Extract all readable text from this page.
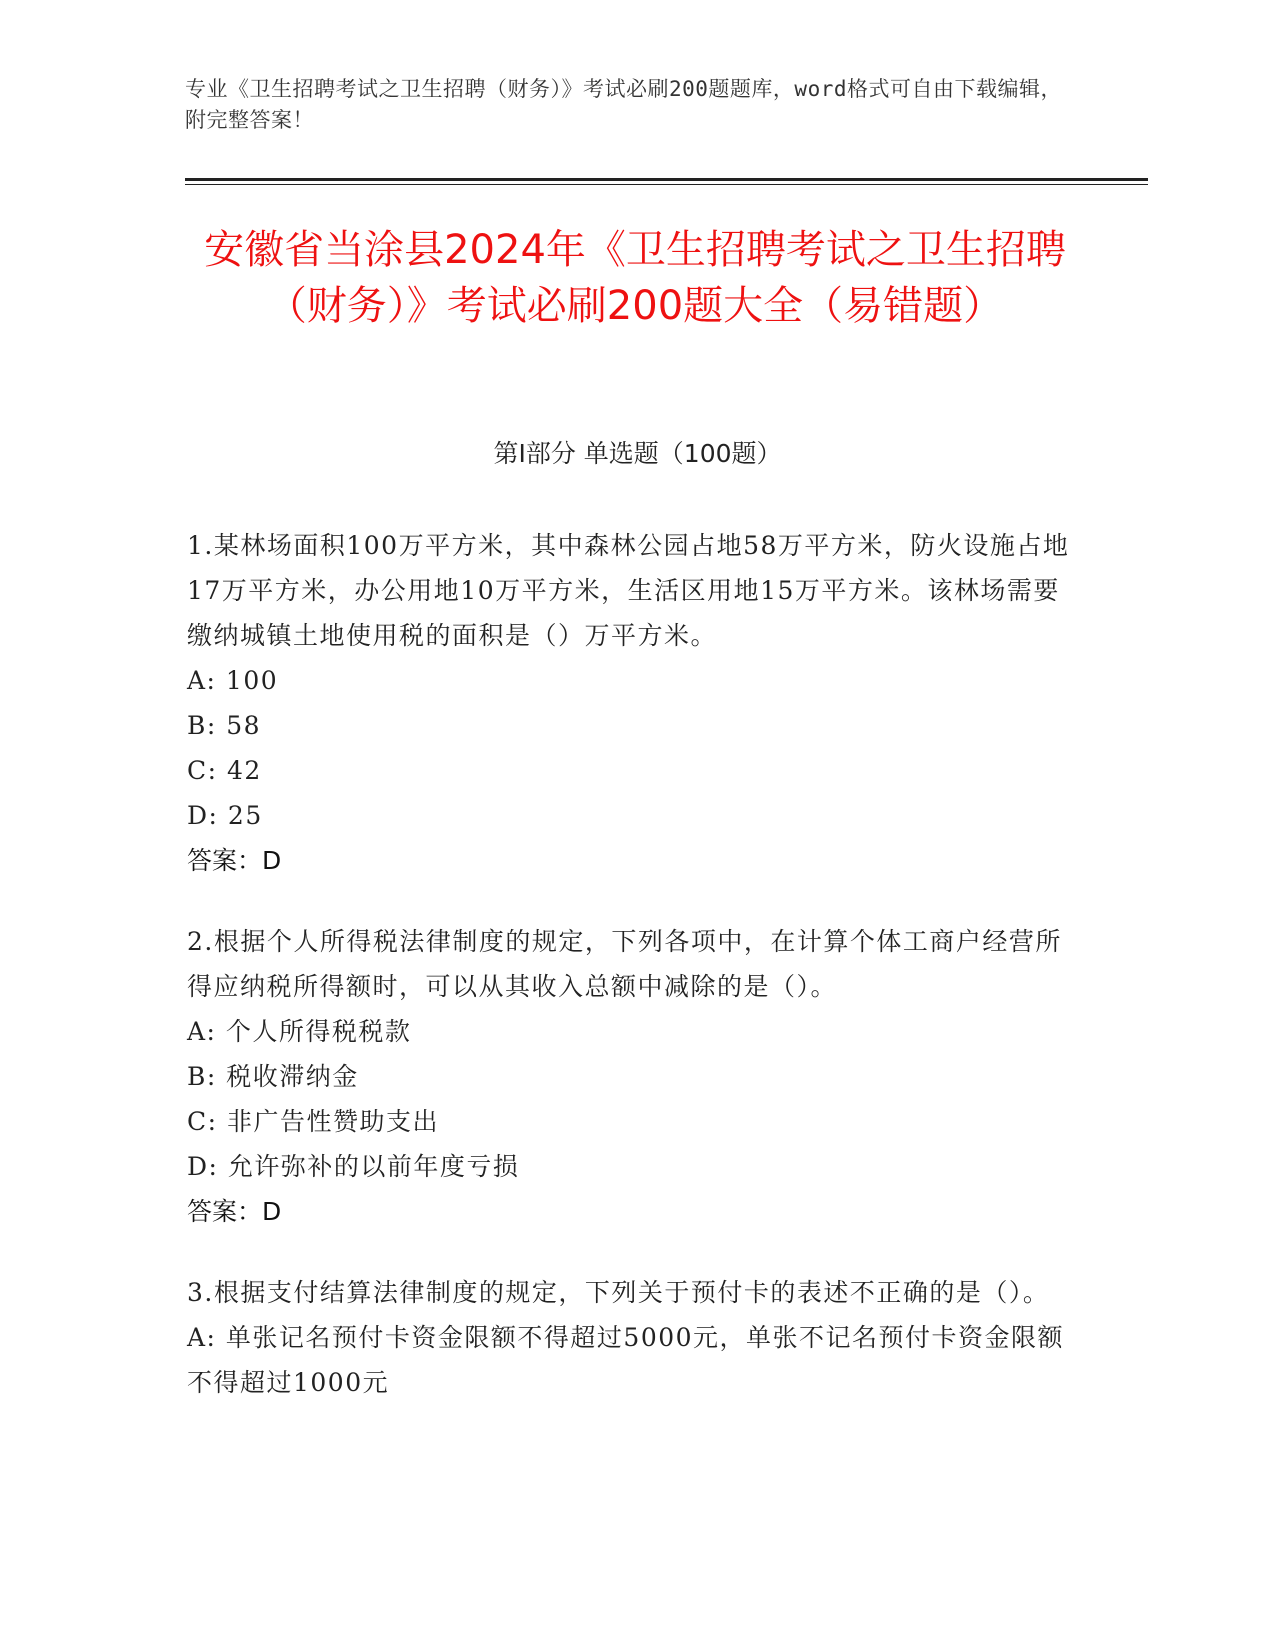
专业《卫生招聘考试之卫生招聘（财务）》考试必刷200题题库，word格式可自由下载编辑，附完整答案！
安徽省当涂县2024年《卫生招聘考试之卫生招聘（财务）》考试必刷200题大全（易错题）
第I部分 单选题（100题）

1.某林场面积100万平方米，其中森林公园占地58万平方米，防火设施占地17万平方米，办公用地10万平方米，生活区用地15万平方米。该林场需要缴纳城镇土地使用税的面积是（）万平方米。

A: 100

B: 58

C: 42

D: 25

答案：D

2.根据个人所得税法律制度的规定，下列各项中，在计算个体工商户经营所得应纳税所得额时，可以从其收入总额中减除的是（）。

A: 个人所得税税款

B: 税收滞纳金

C: 非广告性赞助支出

D: 允许弥补的以前年度亏损

答案：D

3.根据支付结算法律制度的规定，下列关于预付卡的表述不正确的是（）。

A: 单张记名预付卡资金限额不得超过5000元，单张不记名预付卡资金限额不得超过1000元
